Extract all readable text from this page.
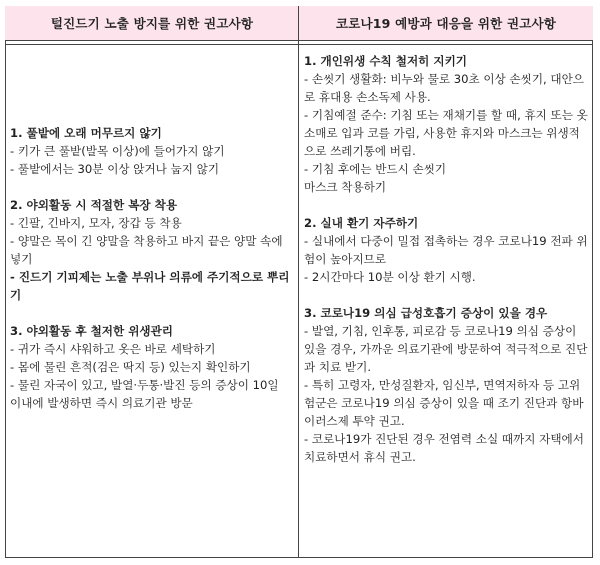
털진드기 노출 방지를 위한 권고사항	코로나19 예방과 대응을 위한 권고사항
1. 풀밭에 오래 머무르지 않기
- 키가 큰 풀밭(발목 이상)에 들어가지 않기
- 풀밭에서는 30분 이상 앉거나 눕지 않기
2. 야외활동 시 적절한 복장 착용
- 긴팔, 긴바지, 모자, 장갑 등 착용
- 양말은 목이 긴 양말을 착용하고 바지 끝은 양말 속에 넣기
- 진드기 기피제는 노출 부위나 의류에 주기적으로 뿌리기
3. 야외활동 후 철저한 위생관리
- 귀가 즉시 샤워하고 옷은 바로 세탁하기
- 몸에 물린 흔적(검은 딱지 등) 있는지 확인하기
- 물린 자국이 있고, 발열·두통·발진 등의 증상이 10일 이내에 발생하면 즉시 의료기관 방문
1. 개인위생 수칙 철저히 지키기
- 손씻기 생활화: 비누와 물로 30초 이상 손씻기, 대안으로 휴대용 손소독제 사용.
- 기침예절 준수: 기침 또는 재채기를 할 때, 휴지 또는 옷소매로 입과 코를 가림, 사용한 휴지와 마스크는 위생적으로 쓰레기통에 버림.
- 기침 후에는 반드시 손씻기
마스크 착용하기
2. 실내 환기 자주하기
- 실내에서 다중이 밀접 접촉하는 경우 코로나19 전파 위험이 높아지므로
- 2시간마다 10분 이상 환기 시행.
3. 코로나19 의심 급성호흡기 증상이 있을 경우
- 발열, 기침, 인후통, 피로감 등 코로나19 의심 증상이 있을 경우, 가까운 의료기관에 방문하여 적극적으로 진단과 치료 받기.
- 특히 고령자, 만성질환자, 임신부, 면역저하자 등 고위험군은 코로나19 의심 증상이 있을 때 조기 진단과 항바이러스제 투약 권고.
- 코로나19가 진단된 경우 전염력 소실 때까지 자택에서 치료하면서 휴식 권고.
